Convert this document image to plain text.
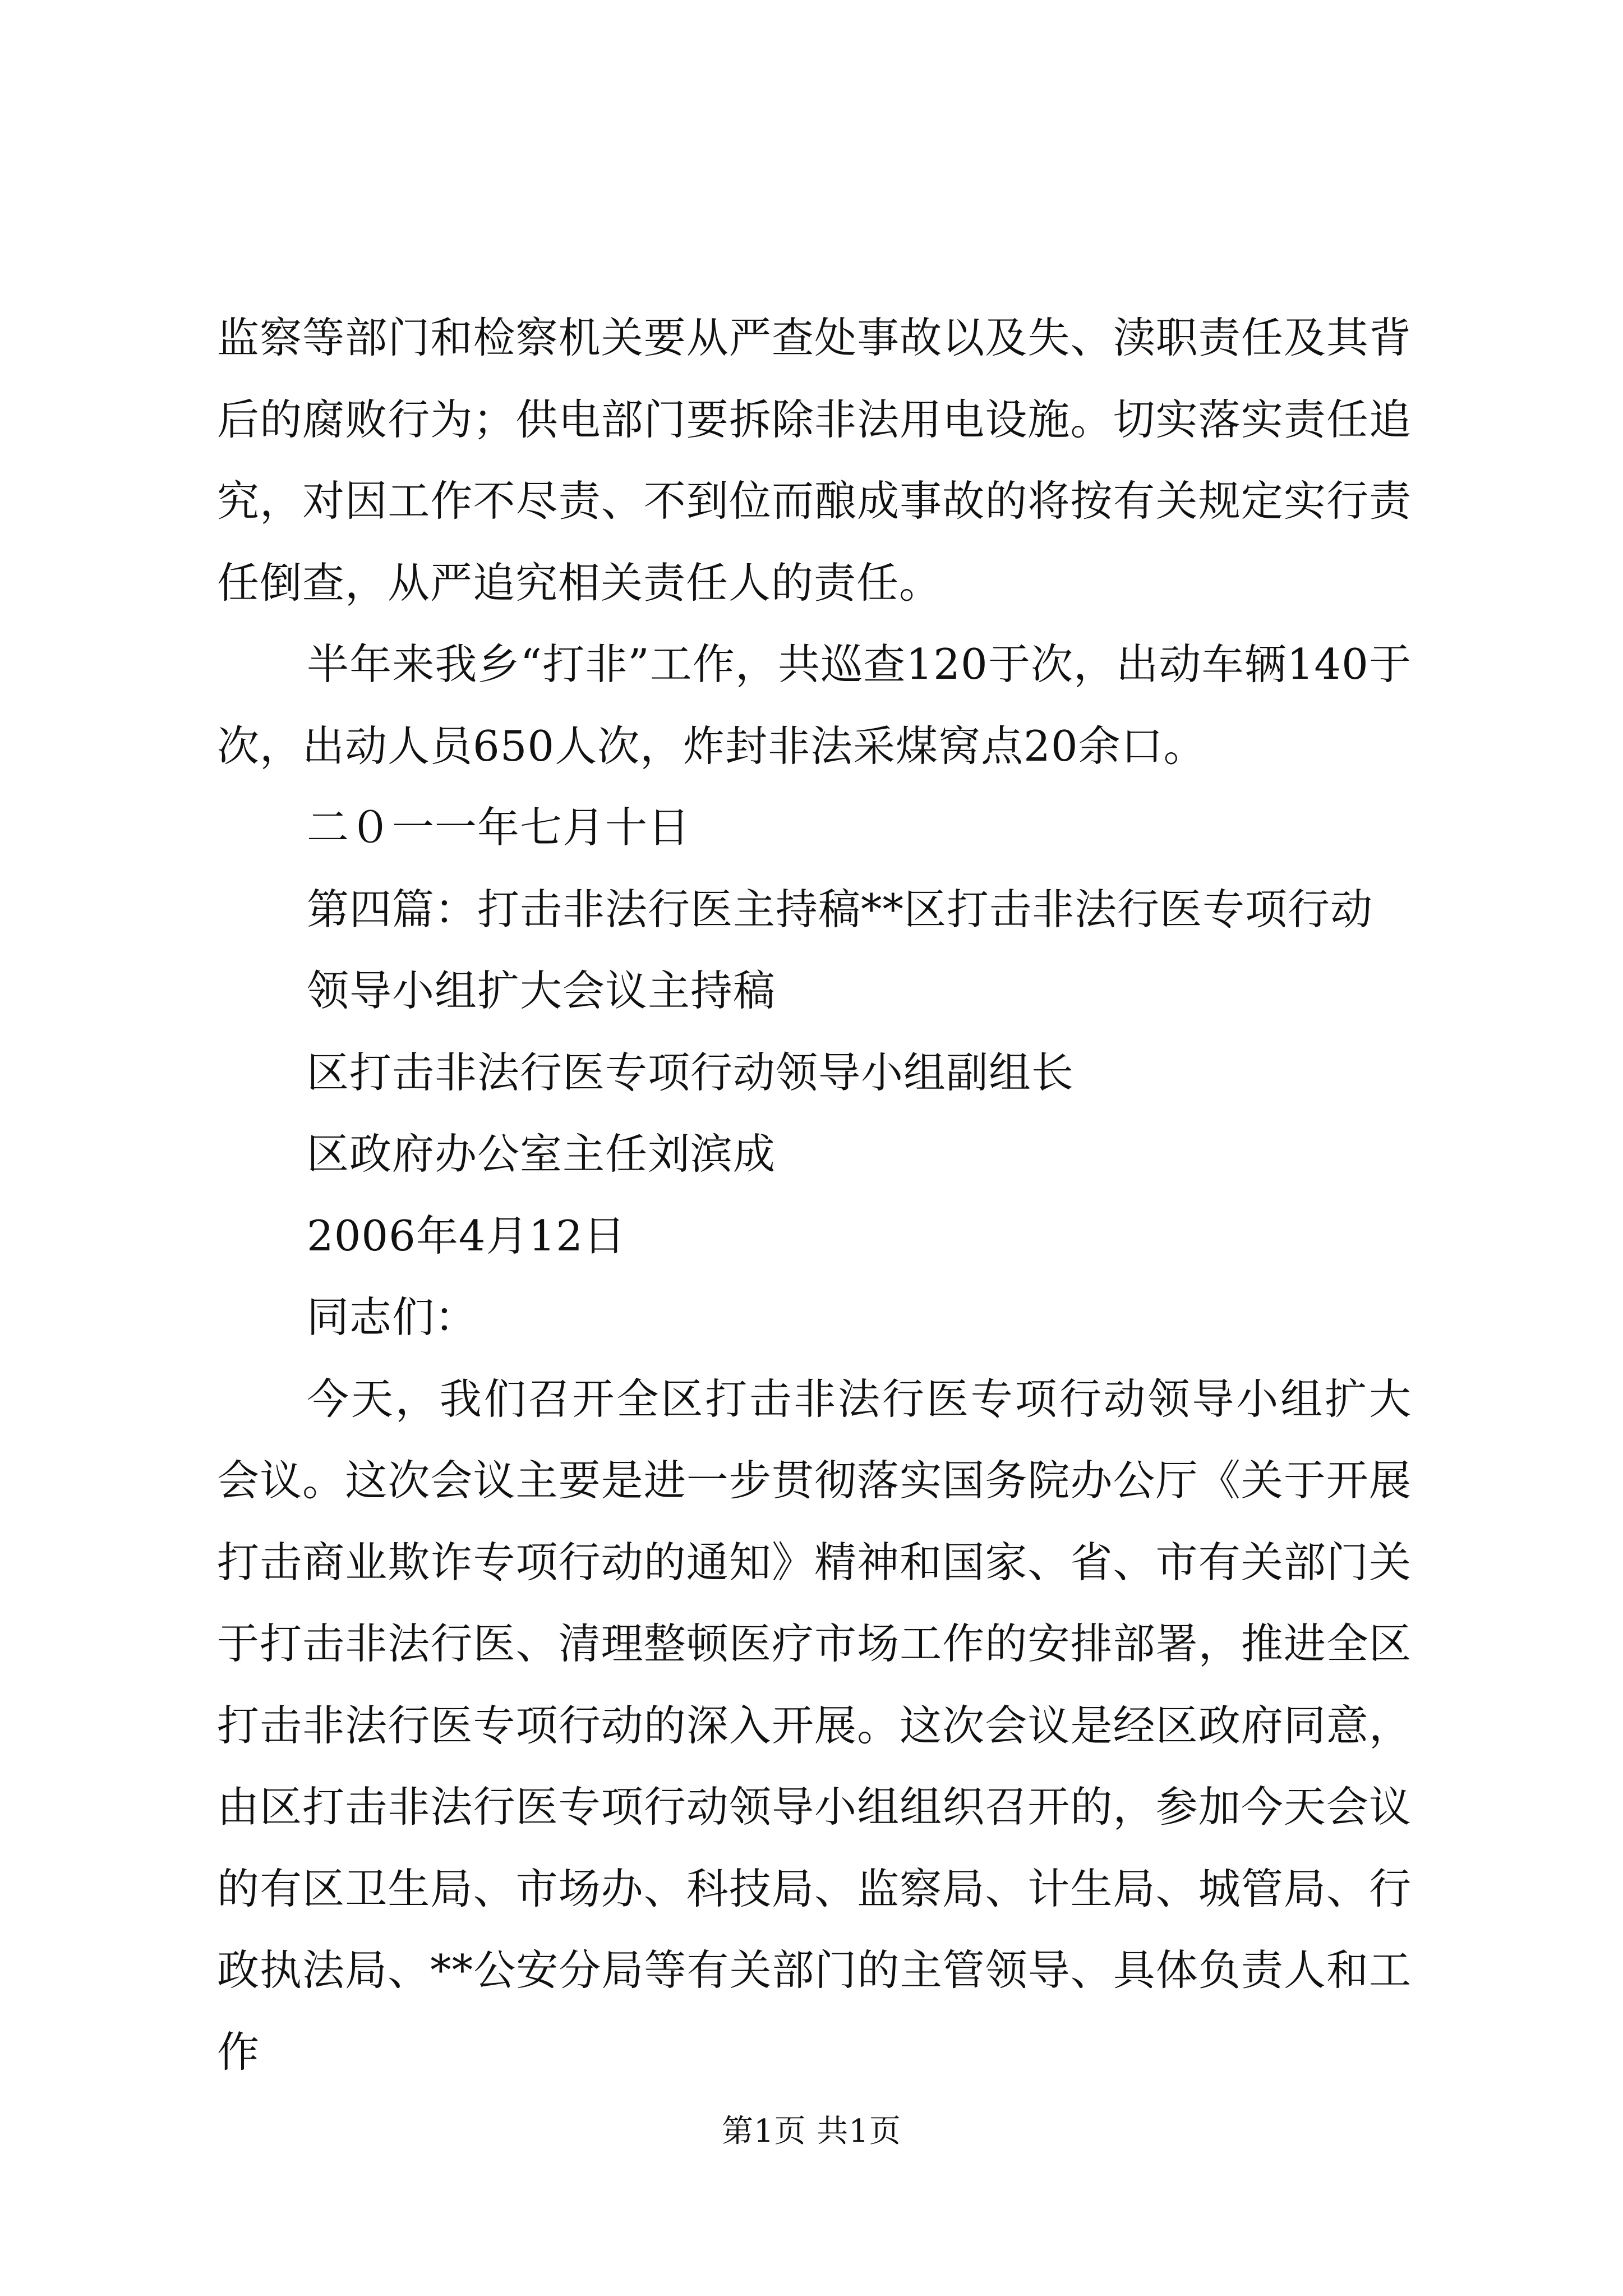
监察等部门和检察机关要从严查处事故以及失、渎职责任及其背后的腐败行为；供电部门要拆除非法用电设施。切实落实责任追究，对因工作不尽责、不到位而酿成事故的将按有关规定实行责任倒查，从严追究相关责任人的责任。

半年来我乡“打非”工作，共巡查120于次，出动车辆140于次，出动人员650人次，炸封非法采煤窝点20余口。

二０一一年七月十日

第四篇：打击非法行医主持稿**区打击非法行医专项行动

领导小组扩大会议主持稿

区打击非法行医专项行动领导小组副组长

区政府办公室主任刘滨成

2006年4月12日

同志们：

今天，我们召开全区打击非法行医专项行动领导小组扩大会议。这次会议主要是进一步贯彻落实国务院办公厅《关于开展打击商业欺诈专项行动的通知》精神和国家、省、市有关部门关于打击非法行医、清理整顿医疗市场工作的安排部署，推进全区打击非法行医专项行动的深入开展。这次会议是经区政府同意，由区打击非法行医专项行动领导小组组织召开的，参加今天会议的有区卫生局、市场办、科技局、监察局、计生局、城管局、行政执法局、**公安分局等有关部门的主管领导、具体负责人和工作

第1页 共1页
